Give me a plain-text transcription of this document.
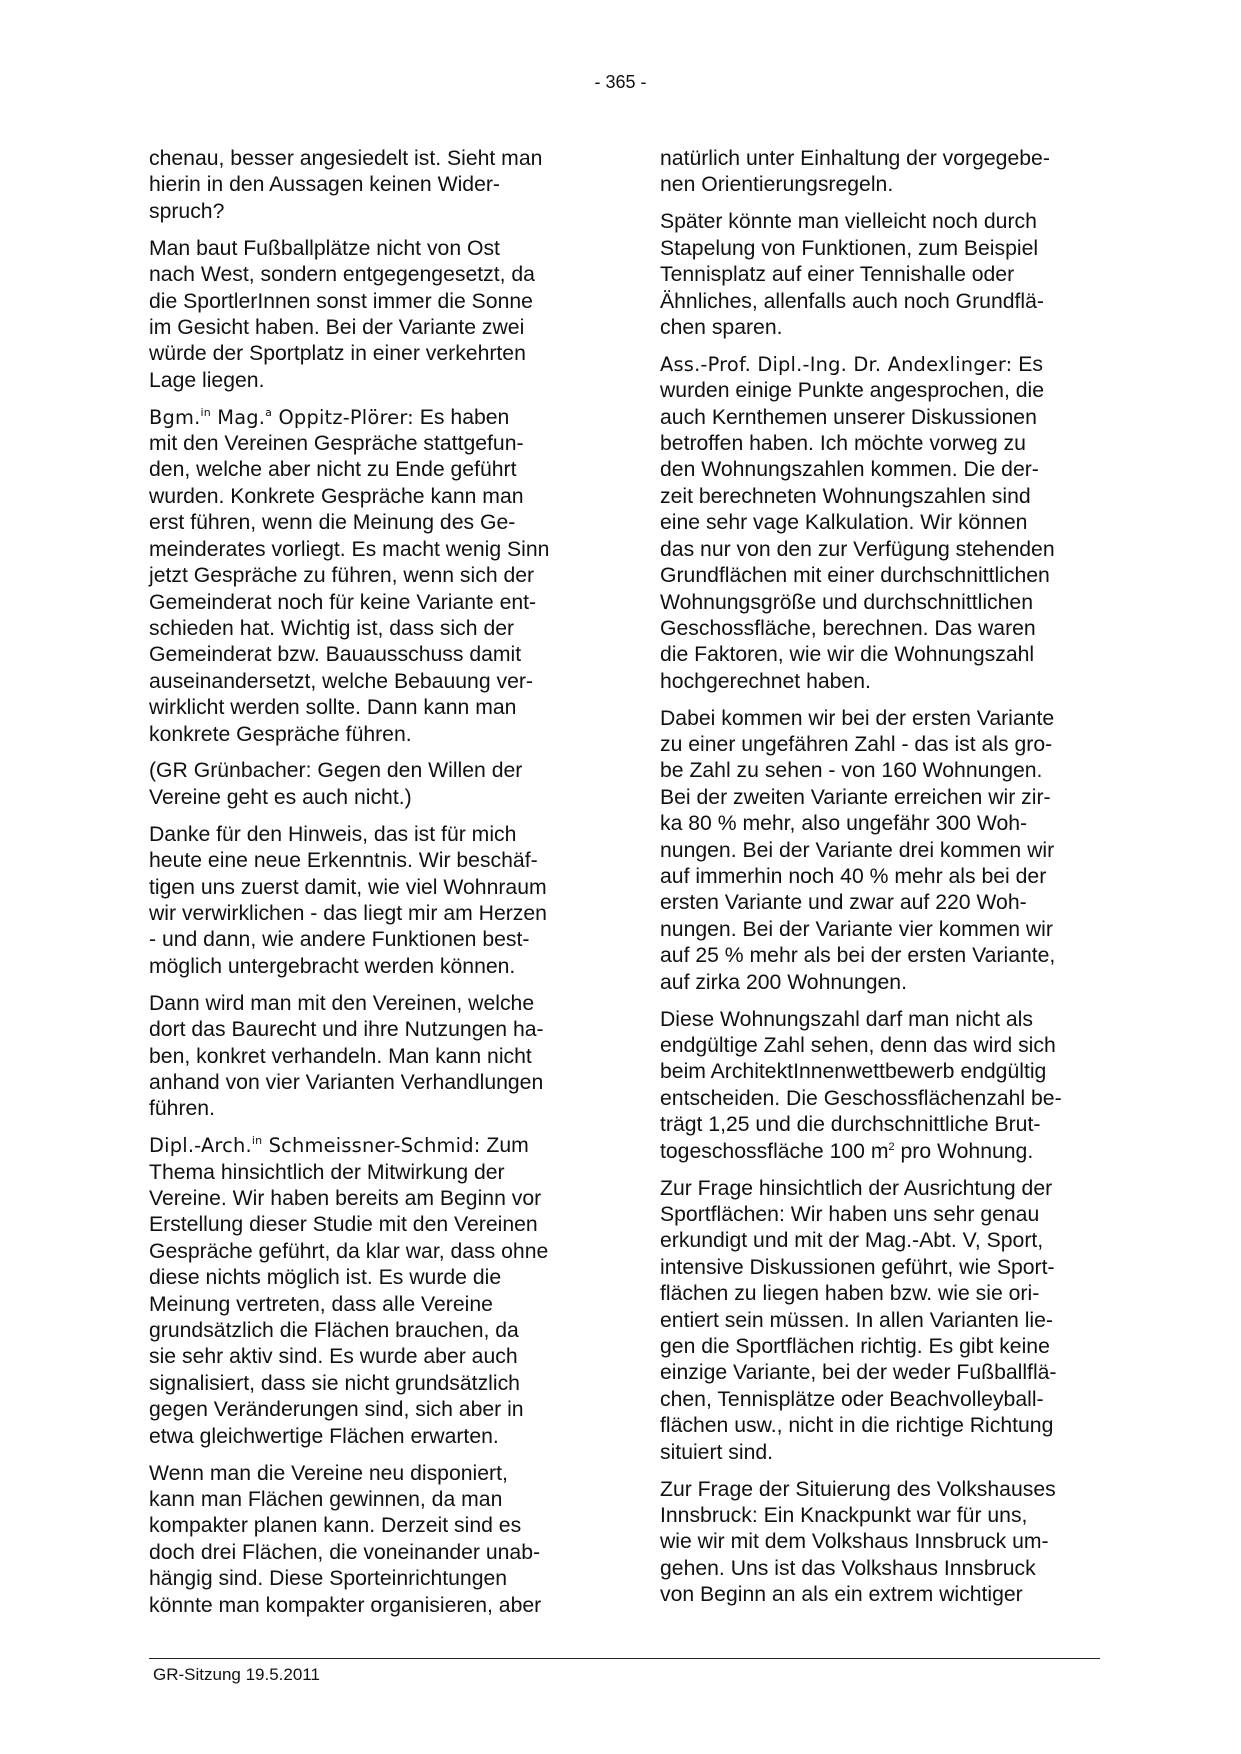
- 365 -

chenau, besser angesiedelt ist. Sieht man
hierin in den Aussagen keinen Wider-
spruch?

Man baut Fußballplätze nicht von Ost
nach West, sondern entgegengesetzt, da
die SportlerInnen sonst immer die Sonne
im Gesicht haben. Bei der Variante zwei
würde der Sportplatz in einer verkehrten
Lage liegen.

Bgm.$^{in}$ Mag.$^a$ Oppitz-Plörer: Es haben
mit den Vereinen Gespräche stattgefun-
den, welche aber nicht zu Ende geführt
wurden. Konkrete Gespräche kann man
erst führen, wenn die Meinung des Ge-
meinderates vorliegt. Es macht wenig Sinn
jetzt Gespräche zu führen, wenn sich der
Gemeinderat noch für keine Variante ent-
schieden hat. Wichtig ist, dass sich der
Gemeinderat bzw. Bauausschuss damit
auseinandersetzt, welche Bebauung ver-
wirklicht werden sollte. Dann kann man
konkrete Gespräche führen.

(GR Grünbacher: Gegen den Willen der
Vereine geht es auch nicht.)

Danke für den Hinweis, das ist für mich
heute eine neue Erkenntnis. Wir beschäf-
tigen uns zuerst damit, wie viel Wohnraum
wir verwirklichen - das liegt mir am Herzen
- und dann, wie andere Funktionen best-
möglich untergebracht werden können.

Dann wird man mit den Vereinen, welche
dort das Baurecht und ihre Nutzungen ha-
ben, konkret verhandeln. Man kann nicht
anhand von vier Varianten Verhandlungen
führen.

Dipl.-Arch.$^{in}$ Schmeissner-Schmid: Zum
Thema hinsichtlich der Mitwirkung der
Vereine. Wir haben bereits am Beginn vor
Erstellung dieser Studie mit den Vereinen
Gespräche geführt, da klar war, dass ohne
diese nichts möglich ist. Es wurde die
Meinung vertreten, dass alle Vereine
grundsätzlich die Flächen brauchen, da
sie sehr aktiv sind. Es wurde aber auch
signalisiert, dass sie nicht grundsätzlich
gegen Veränderungen sind, sich aber in
etwa gleichwertige Flächen erwarten.

Wenn man die Vereine neu disponiert,
kann man Flächen gewinnen, da man
kompakter planen kann. Derzeit sind es
doch drei Flächen, die voneinander unab-
hängig sind. Diese Sporteinrichtungen
könnte man kompakter organisieren, aber

natürlich unter Einhaltung der vorgegebe-
nen Orientierungsregeln.

Später könnte man vielleicht noch durch
Stapelung von Funktionen, zum Beispiel
Tennisplatz auf einer Tennishalle oder
Ähnliches, allenfalls auch noch Grundflä-
chen sparen.

Ass.-Prof. Dipl.-Ing. Dr. Andexlinger: Es
wurden einige Punkte angesprochen, die
auch Kernthemen unserer Diskussionen
betroffen haben. Ich möchte vorweg zu
den Wohnungszahlen kommen. Die der-
zeit berechneten Wohnungszahlen sind
eine sehr vage Kalkulation. Wir können
das nur von den zur Verfügung stehenden
Grundflächen mit einer durchschnittlichen
Wohnungsgröße und durchschnittlichen
Geschossfläche, berechnen. Das waren
die Faktoren, wie wir die Wohnungszahl
hochgerechnet haben.

Dabei kommen wir bei der ersten Variante
zu einer ungefähren Zahl - das ist als gro-
be Zahl zu sehen - von 160 Wohnungen.
Bei der zweiten Variante erreichen wir zir-
ka 80 % mehr, also ungefähr 300 Woh-
nungen. Bei der Variante drei kommen wir
auf immerhin noch 40 % mehr als bei der
ersten Variante und zwar auf 220 Woh-
nungen. Bei der Variante vier kommen wir
auf 25 % mehr als bei der ersten Variante,
auf zirka 200 Wohnungen.

Diese Wohnungszahl darf man nicht als
endgültige Zahl sehen, denn das wird sich
beim ArchitektInnenwettbewerb endgültig
entscheiden. Die Geschossflächenzahl be-
trägt 1,25 und die durchschnittliche Brut-
togeschossfläche 100 $m^2$ pro Wohnung.

Zur Frage hinsichtlich der Ausrichtung der
Sportflächen: Wir haben uns sehr genau
erkundigt und mit der Mag.-Abt. V, Sport,
intensive Diskussionen geführt, wie Sport-
flächen zu liegen haben bzw. wie sie ori-
entiert sein müssen. In allen Varianten lie-
gen die Sportflächen richtig. Es gibt keine
einzige Variante, bei der weder Fußballflä-
chen, Tennisplätze oder Beachvolleyball-
flächen usw., nicht in die richtige Richtung
situiert sind.

Zur Frage der Situierung des Volkshauses
Innsbruck: Ein Knackpunkt war für uns,
wie wir mit dem Volkshaus Innsbruck um-
gehen. Uns ist das Volkshaus Innsbruck
von Beginn an als ein extrem wichtiger

GR-Sitzung 19.5.2011
